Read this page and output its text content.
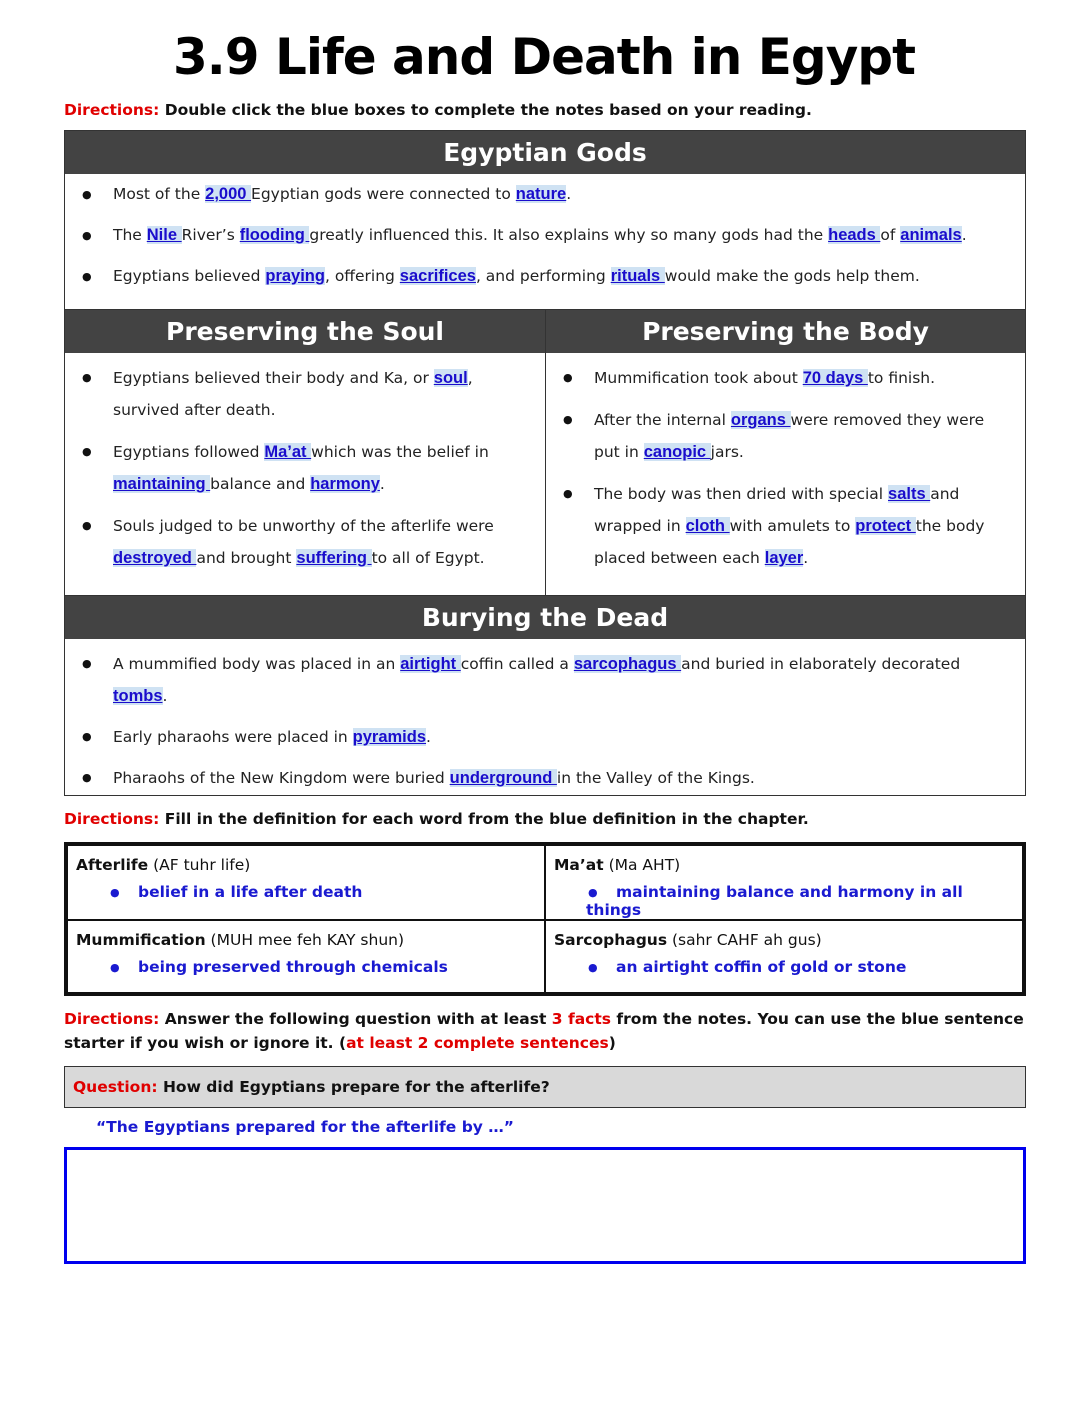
3.9 Life and Death in Egypt
Directions: Double click the blue boxes to complete the notes based on your reading.
Egyptian Gods
● Most of the 2,000 Egyptian gods were connected to nature.
● The Nile River’s flooding greatly influenced this. It also explains why so many gods had the heads of animals.
● Egyptians believed praying, offering sacrifices, and performing rituals would make the gods help them.
Preserving the Soul
● Egyptians believed their body and Ka, or soul, survived after death.
● Egyptians followed Ma’at which was the belief in maintaining balance and harmony.
● Souls judged to be unworthy of the afterlife were destroyed and brought suffering to all of Egypt.
Preserving the Body
● Mummification took about 70 days to finish.
● After the internal organs were removed they were put in canopic jars.
● The body was then dried with special salts and wrapped in cloth with amulets to protect the body placed between each layer.
Burying the Dead
● A mummified body was placed in an airtight coffin called a sarcophagus and buried in elaborately decorated tombs.
● Early pharaohs were placed in pyramids.
● Pharaohs of the New Kingdom were buried underground in the Valley of the Kings.
Directions: Fill in the definition for each word from the blue definition in the chapter.
Afterlife (AF tuhr life)
● belief in a life after death
Ma’at (Ma AHT)
● maintaining balance and harmony in all things
Mummification (MUH mee feh KAY shun)
● being preserved through chemicals
Sarcophagus (sahr CAHF ah gus)
● an airtight coffin of gold or stone
Directions: Answer the following question with at least 3 facts from the notes. You can use the blue sentence starter if you wish or ignore it. (at least 2 complete sentences)
Question: How did Egyptians prepare for the afterlife?
“The Egyptians prepared for the afterlife by …”
